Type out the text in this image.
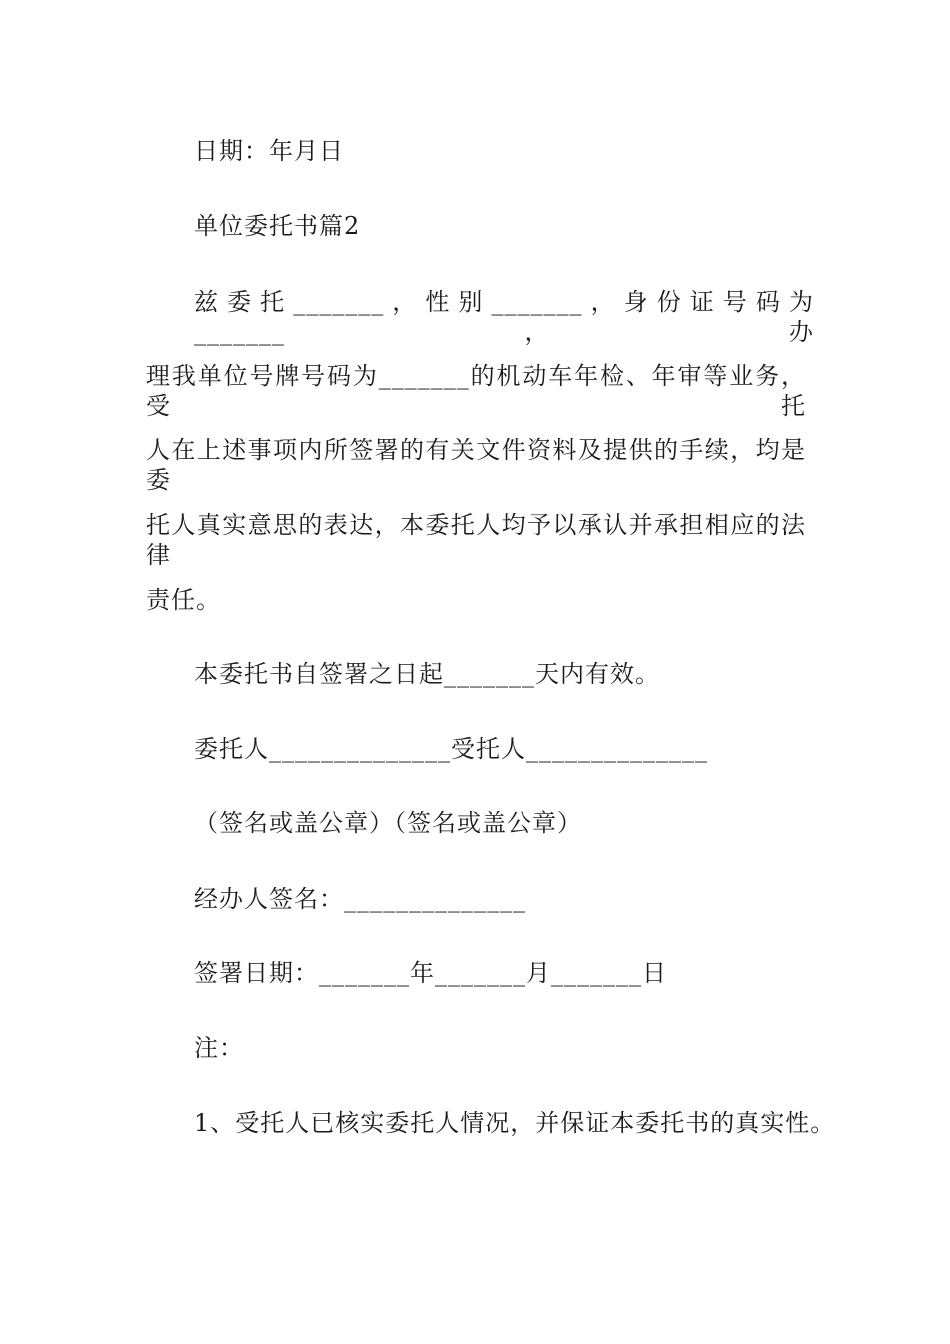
日期：年月日
单位委托书篇2
兹委托_______，性别_______，身份证号码为_______，办
理我单位号牌号码为_______的机动车年检、年审等业务，受托
人在上述事项内所签署的有关文件资料及提供的手续，均是委
托人真实意思的表达，本委托人均予以承认并承担相应的法律
责任。
本委托书自签署之日起_______天内有效。
委托人______________受托人______________
（签名或盖公章）（签名或盖公章）
经办人签名：______________
签署日期：_______年_______月_______日
注：
1、受托人已核实委托人情况，并保证本委托书的真实性。
